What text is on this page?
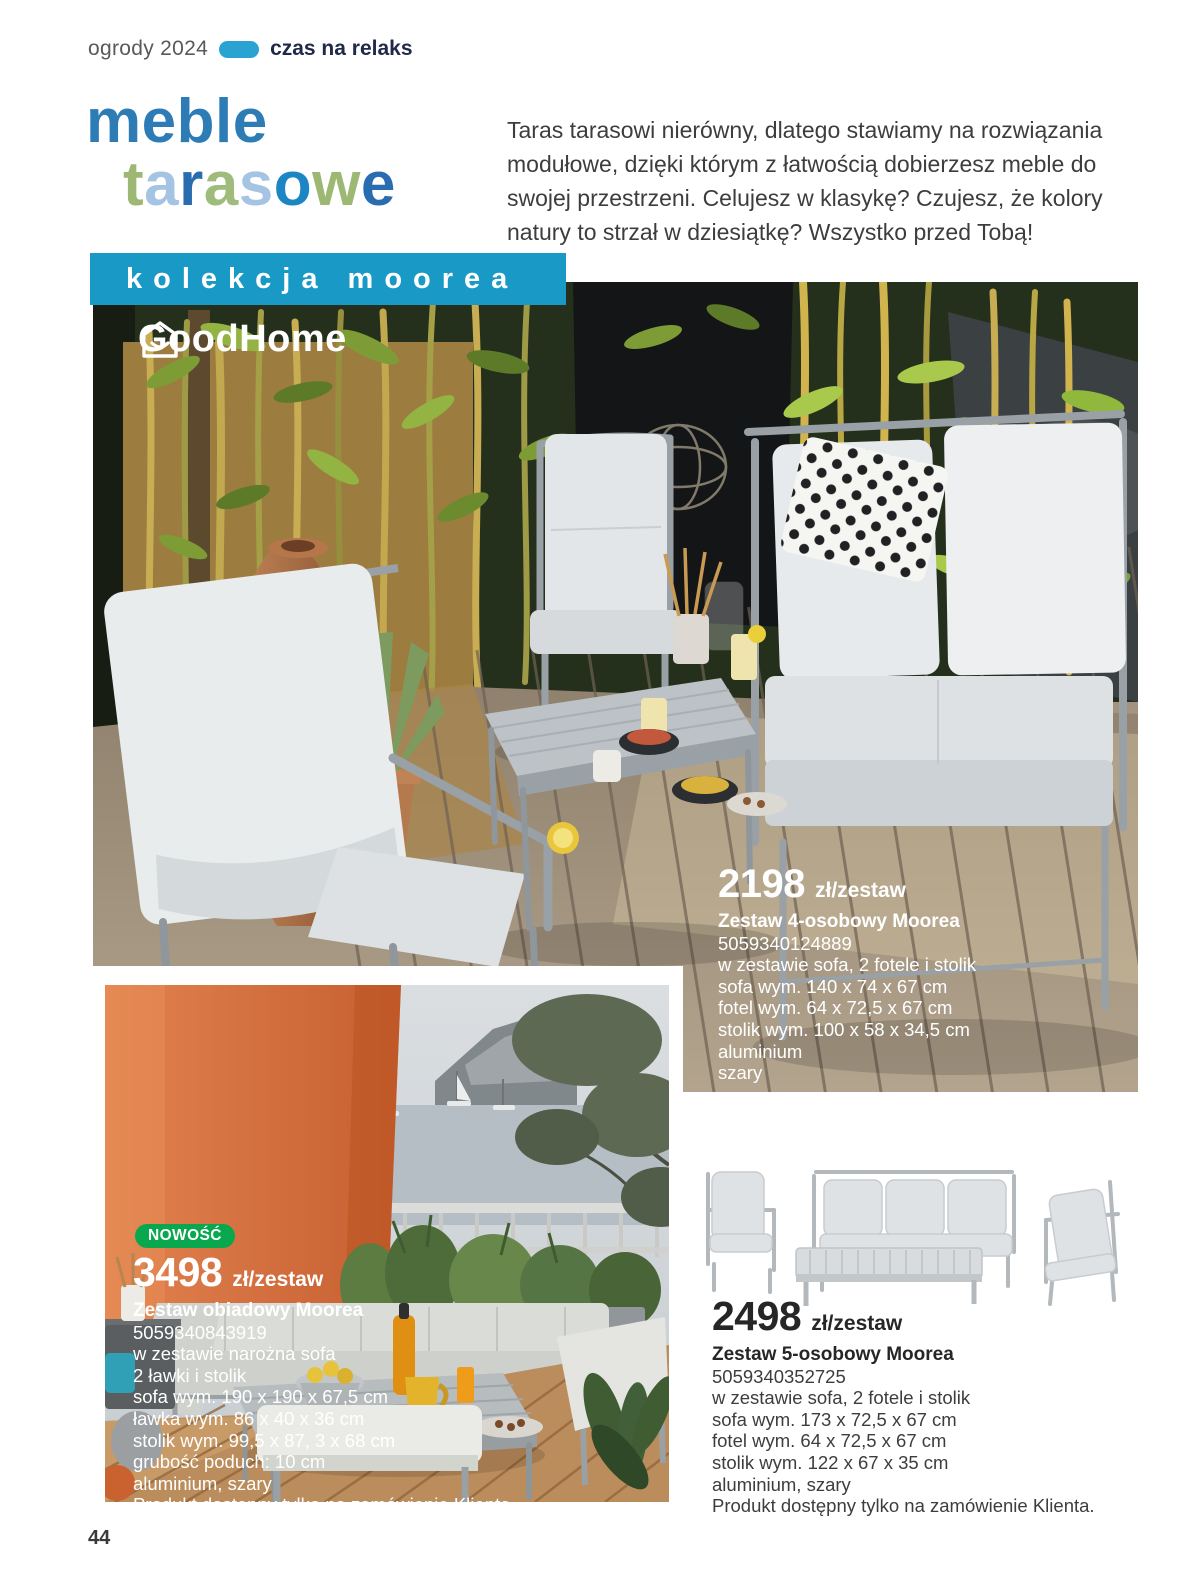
ogrody 2024	czas na relaks
meble
tarasowe

Taras tarasowi nierówny, dlatego stawiamy na rozwiązania modułowe, dzięki którym z łatwością dobierzesz meble do swojej przestrzeni. Celujesz w klasykę? Czujesz, że kolory natury to strzał w dziesiątkę? Wszystko przed Tobą!

kolekcja moorea
GoodHome
2198 zł/zestaw
Zestaw 4-osobowy Moorea
5059340124889
w zestawie sofa, 2 fotele i stolik
sofa wym. 140 x 74 x 67 cm
fotel wym. 64 x 72,5 x 67 cm
stolik wym. 100 x 58 x 34,5 cm
aluminium
szary
NOWOŚĆ
3498 zł/zestaw
Zestaw obiadowy Moorea
5059340843919
w zestawie narożna sofa
2 ławki i stolik
sofa wym. 190 x 190 x 67,5 cm
ławka wym. 86 x 40 x 36 cm
stolik wym. 99,5 x 87, 3 x 68 cm
grubość poduch: 10 cm
aluminium, szary
Produkt dostępny tylko na zamówienie Klienta.
2498 zł/zestaw
Zestaw 5-osobowy Moorea
5059340352725
w zestawie sofa, 2 fotele i stolik
sofa wym. 173 x 72,5 x 67 cm
fotel wym. 64 x 72,5 x 67 cm
stolik wym. 122 x 67 x 35 cm
aluminium, szary
Produkt dostępny tylko na zamówienie Klienta.
44
